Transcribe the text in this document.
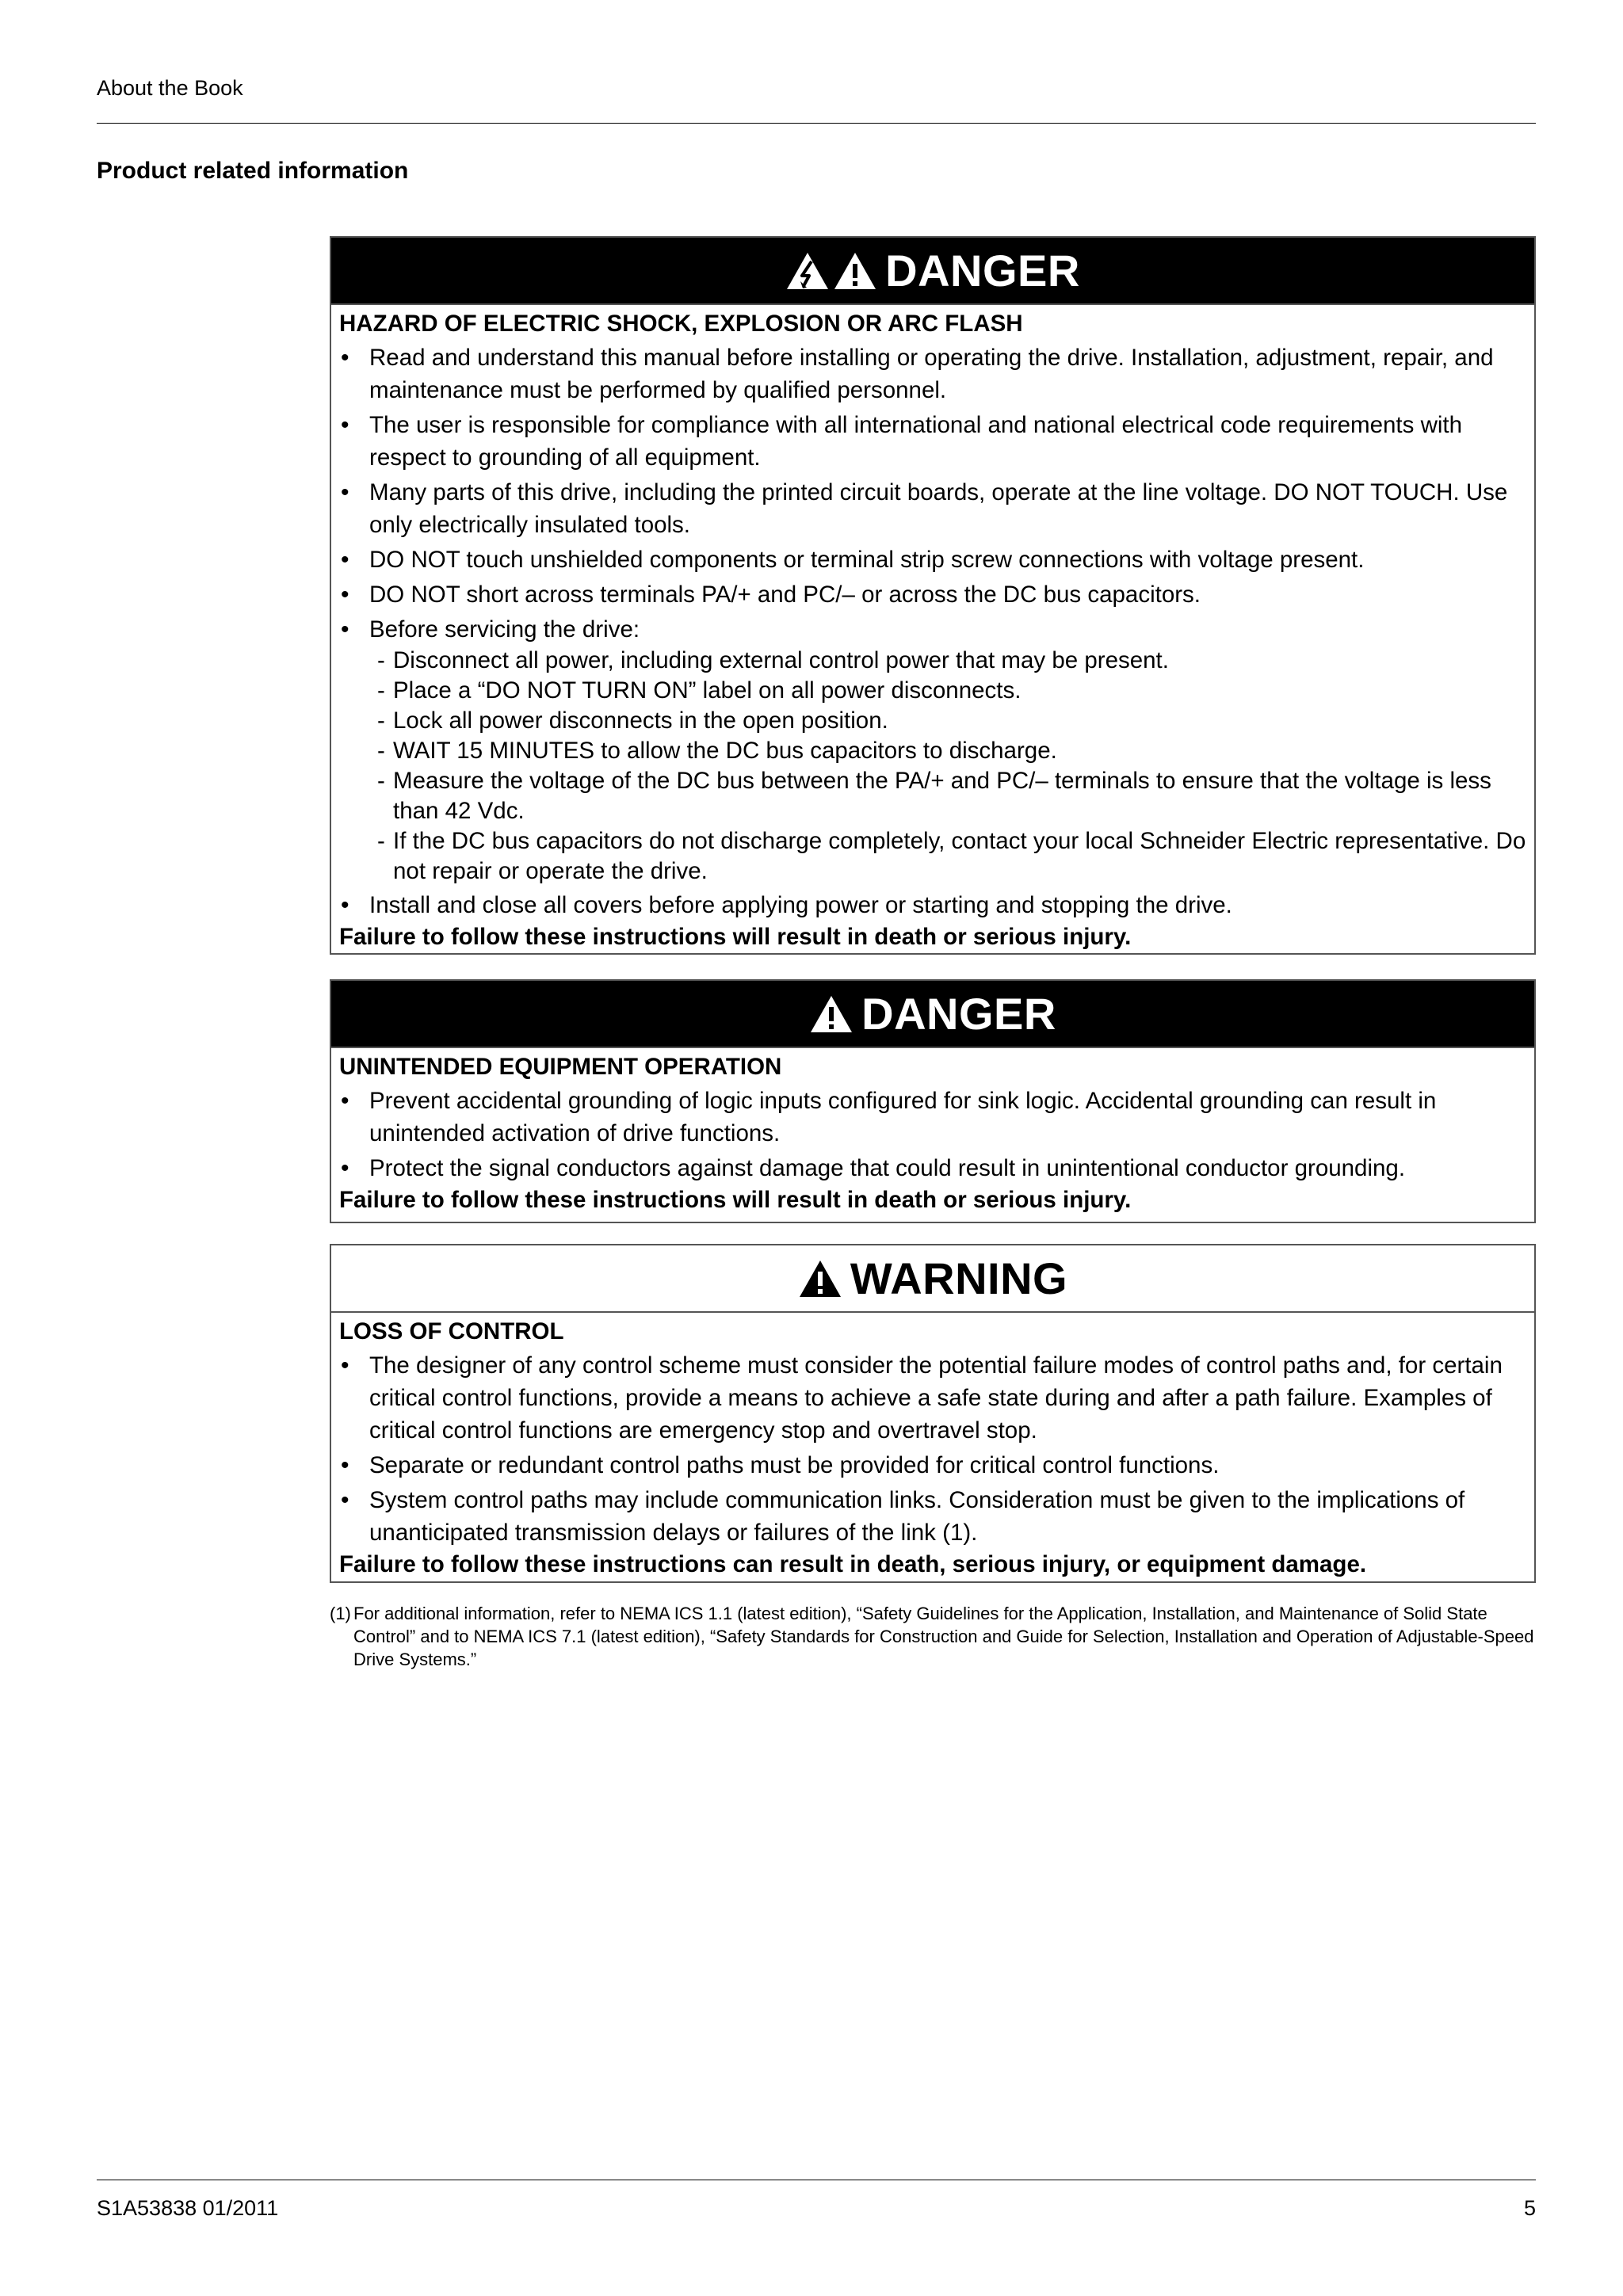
About the Book
Product related information
DANGER
HAZARD OF ELECTRIC SHOCK, EXPLOSION OR ARC FLASH
• Read and understand this manual before installing or operating the drive. Installation, adjustment, repair, and maintenance must be performed by qualified personnel.
• The user is responsible for compliance with all international and national electrical code requirements with respect to grounding of all equipment.
• Many parts of this drive, including the printed circuit boards, operate at the line voltage. DO NOT TOUCH. Use only electrically insulated tools.
• DO NOT touch unshielded components or terminal strip screw connections with voltage present.
• DO NOT short across terminals PA/+ and PC/– or across the DC bus capacitors.
• Before servicing the drive:
- Disconnect all power, including external control power that may be present.
- Place a “DO NOT TURN ON” label on all power disconnects.
- Lock all power disconnects in the open position.
- WAIT 15 MINUTES to allow the DC bus capacitors to discharge.
- Measure the voltage of the DC bus between the PA/+ and PC/– terminals to ensure that the voltage is less than 42 Vdc.
- If the DC bus capacitors do not discharge completely, contact your local Schneider Electric representative. Do not repair or operate the drive.
• Install and close all covers before applying power or starting and stopping the drive.
Failure to follow these instructions will result in death or serious injury.
DANGER
UNINTENDED EQUIPMENT OPERATION
• Prevent accidental grounding of logic inputs configured for sink logic. Accidental grounding can result in unintended activation of drive functions.
• Protect the signal conductors against damage that could result in unintentional conductor grounding.
Failure to follow these instructions will result in death or serious injury.
WARNING
LOSS OF CONTROL
• The designer of any control scheme must consider the potential failure modes of control paths and, for certain critical control functions, provide a means to achieve a safe state during and after a path failure. Examples of critical control functions are emergency stop and overtravel stop.
• Separate or redundant control paths must be provided for critical control functions.
• System control paths may include communication links. Consideration must be given to the implications of unanticipated transmission delays or failures of the link (1).
Failure to follow these instructions can result in death, serious injury, or equipment damage.
(1) For additional information, refer to NEMA ICS 1.1 (latest edition), “Safety Guidelines for the Application, Installation, and Maintenance of Solid State Control” and to NEMA ICS 7.1 (latest edition), “Safety Standards for Construction and Guide for Selection, Installation and Operation of Adjustable-Speed Drive Systems.”
S1A53838 01/2011	5
